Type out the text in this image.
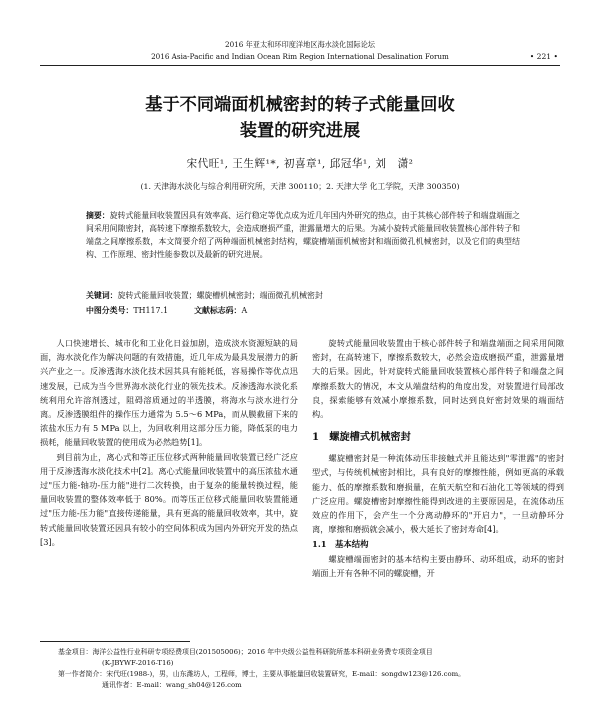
2016 年亚太和环印度洋地区海水淡化国际论坛
2016 Asia-Pacific and Indian Ocean Rim Region International Desalination Forum	• 221 •
基于不同端面机械密封的转子式能量回收
装置的研究进展
宋代旺¹, 王生辉¹*, 初喜章¹, 邱冠华¹, 刘　潇²
(1. 天津海水淡化与综合利用研究所，天津 300110；2. 天津大学 化工学院，天津 300350)
摘要：旋转式能量回收装置因具有效率高、运行稳定等优点成为近几年国内外研究的热点，由于其核心部件转子和端盘端面之间采用间隙密封，高转速下摩擦系数较大，会造成磨损严重，泄露量增大的后果。为减小旋转式能量回收装置核心部件转子和端盘之间摩擦系数，本文简要介绍了两种端面机械密封结构，螺旋槽端面机械密封和端面微孔机械密封，以及它们的典型结构、工作原理、密封性能参数以及最新的研究进展。
关键词：旋转式能量回收装置；螺旋槽机械密封；端面微孔机械密封
中图分类号：TH117.1	文献标志码：A

人口快速增长、城市化和工业化日益加剧，造成淡水资源短缺的局面，海水淡化作为解决问题的有效措施，近几年成为最具发展潜力的新兴产业之一。反渗透海水淡化技术因其具有能耗低，容易操作等优点迅速发展，已成为当今世界海水淡化行业的领先技术。反渗透海水淡化系统利用允许溶剂透过，阻碍溶质通过的半透膜，将海水与淡水进行分离。反渗透膜组件的操作压力通常为 5.5～6 MPa，而从膜截留下来的浓盐水压力有 5 MPa 以上，为回收利用这部分压力能，降低泵的电力损耗，能量回收装置的使用成为必然趋势[1]。

到目前为止，离心式和等正压位移式两种能量回收装置已经广泛应用于反渗透海水淡化技术中[2]。离心式能量回收装置中的高压浓盐水通过"压力能-轴功-压力能"进行二次转换，由于复杂的能量转换过程，能量回收装置的整体效率低于 80%。而等压正位移式能量回收装置能通过"压力能-压力能"直接传递能量，具有更高的能量回收效率，其中，旋转式能量回收装置还因具有较小的空间体积成为国内外研究开发的热点[3]。

旋转式能量回收装置由于核心部件转子和端盘端面之间采用间隙密封，在高转速下，摩擦系数较大，必然会造成磨损严重，泄露量增大的后果。因此，针对旋转式能量回收装置核心部件转子和端盘之间摩擦系数大的情况，本文从端盘结构的角度出发，对装置进行局部改良，探索能够有效减小摩擦系数，同时达到良好密封效果的端面结构。

1　螺旋槽式机械密封

螺旋槽密封是一种流体动压非接触式并且能达到"零泄露"的密封型式，与传统机械密封相比，具有良好的摩擦性能，例如更高的承载能力、低的摩擦系数和磨损量，在航天航空和石油化工等领域的得到广泛应用。螺旋槽密封摩擦性能得到改进的主要原因是，在流体动压效应的作用下，会产生一个分离动静环的"开启力"，一旦动静环分离，摩擦和磨损就会减小，极大延长了密封寿命[4]。

1.1　基本结构

螺旋槽端面密封的基本结构主要由静环、动环组成，动环的密封端面上开有各种不同的螺旋槽，开

基金项目：海洋公益性行业科研专项经费项目(201505006)；2016 年中央级公益性科研院所基本科研业务费专项资金项目

(K-JBYWF-2016-T16)

第一作者简介：宋代旺(1988-)，男，山东潍坊人，工程师，博士，主要从事能量回收装置研究，E-mail：songdw123@126.com。

通讯作者：E-mail：wang_sh04@126.com
